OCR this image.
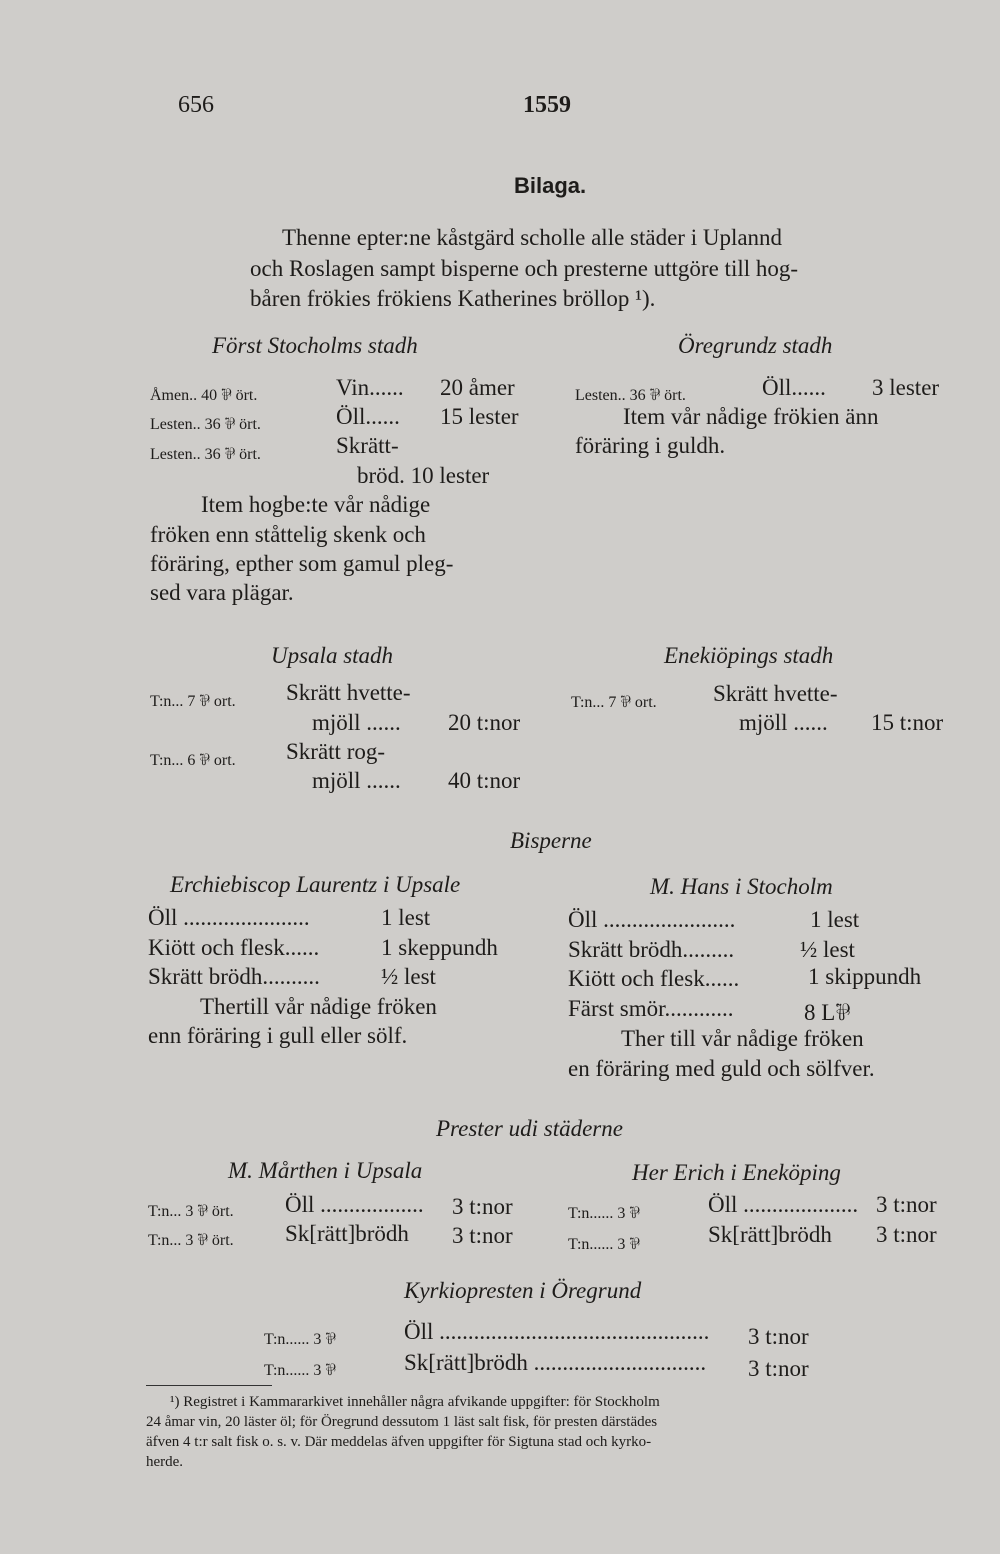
656	1559
Bilaga.
Thenne epter:ne kåstgärd scholle alle städer i Uplannd
och Roslagen sampt bisperne och presterne uttgöre till hog-
båren frökies frökiens Katherines bröllop ¹).
Först Stocholms stadh
Åmen.. 40 ⅌ ört.	Vin...... 20 åmer
Lesten.. 36 ⅌ ört.	Öll...... 15 lester
Lesten.. 36 ⅌ ört.	Skrätt-
bröd. 10 lester
Item hogbe:te vår nådige
fröken enn ståttelig skenk och
föräring, epther som gamul pleg-
sed vara plägar.
Öregrundz stadh
Lesten.. 36 ⅌ ört.	Öll...... 3 lester
Item vår nådige frökien änn
föräring i guldh.
Upsala stadh
T:n... 7 ⅌ ort. Skrätt hvette-
mjöll ...... 20 t:nor
T:n... 6 ⅌ ort. Skrätt rog-
mjöll ...... 40 t:nor
Enekiöpings stadh
T:n... 7 ⅌ ort. Skrätt hvette-
mjöll ...... 15 t:nor
Bisperne
Erchiebiscop Laurentz i Upsale
Öll ......................	1 lest
Kiött och flesk......	1 skeppundh
Skrätt brödh..........	½ lest
Thertill vår nådige fröken
enn föräring i gull eller sölf.
M. Hans i Stocholm
Öll .......................	1 lest
Skrätt brödh.........	½ lest
Kiött och flesk......	1 skippundh
Färst smör............	8 L⅌
Ther till vår nådige fröken
en föräring med guld och sölfver.
Prester udi städerne
M. Mårthen i Upsala
T:n... 3 ⅌ ört. Öll .................. 3 t:nor
T:n... 3 ⅌ ört. Sk[rätt]brödh 3 t:nor
Her Erich i Eneköping
T:n...... 3 ⅌	Öll .................... 3 t:nor
T:n...... 3 ⅌	Sk[rätt]brödh 3 t:nor
Kyrkiopresten i Öregrund
T:n...... 3 ⅌	Öll ............................................... 3 t:nor
T:n...... 3 ⅌	Sk[rätt]brödh .............................. 3 t:nor
¹) Registret i Kammararkivet innehåller några afvikande uppgifter: för Stockholm
24 åmar vin, 20 läster öl; för Öregrund dessutom 1 läst salt fisk, för presten därstädes
äfven 4 t:r salt fisk o. s. v. Där meddelas äfven uppgifter för Sigtuna stad och kyrko-
herde.
